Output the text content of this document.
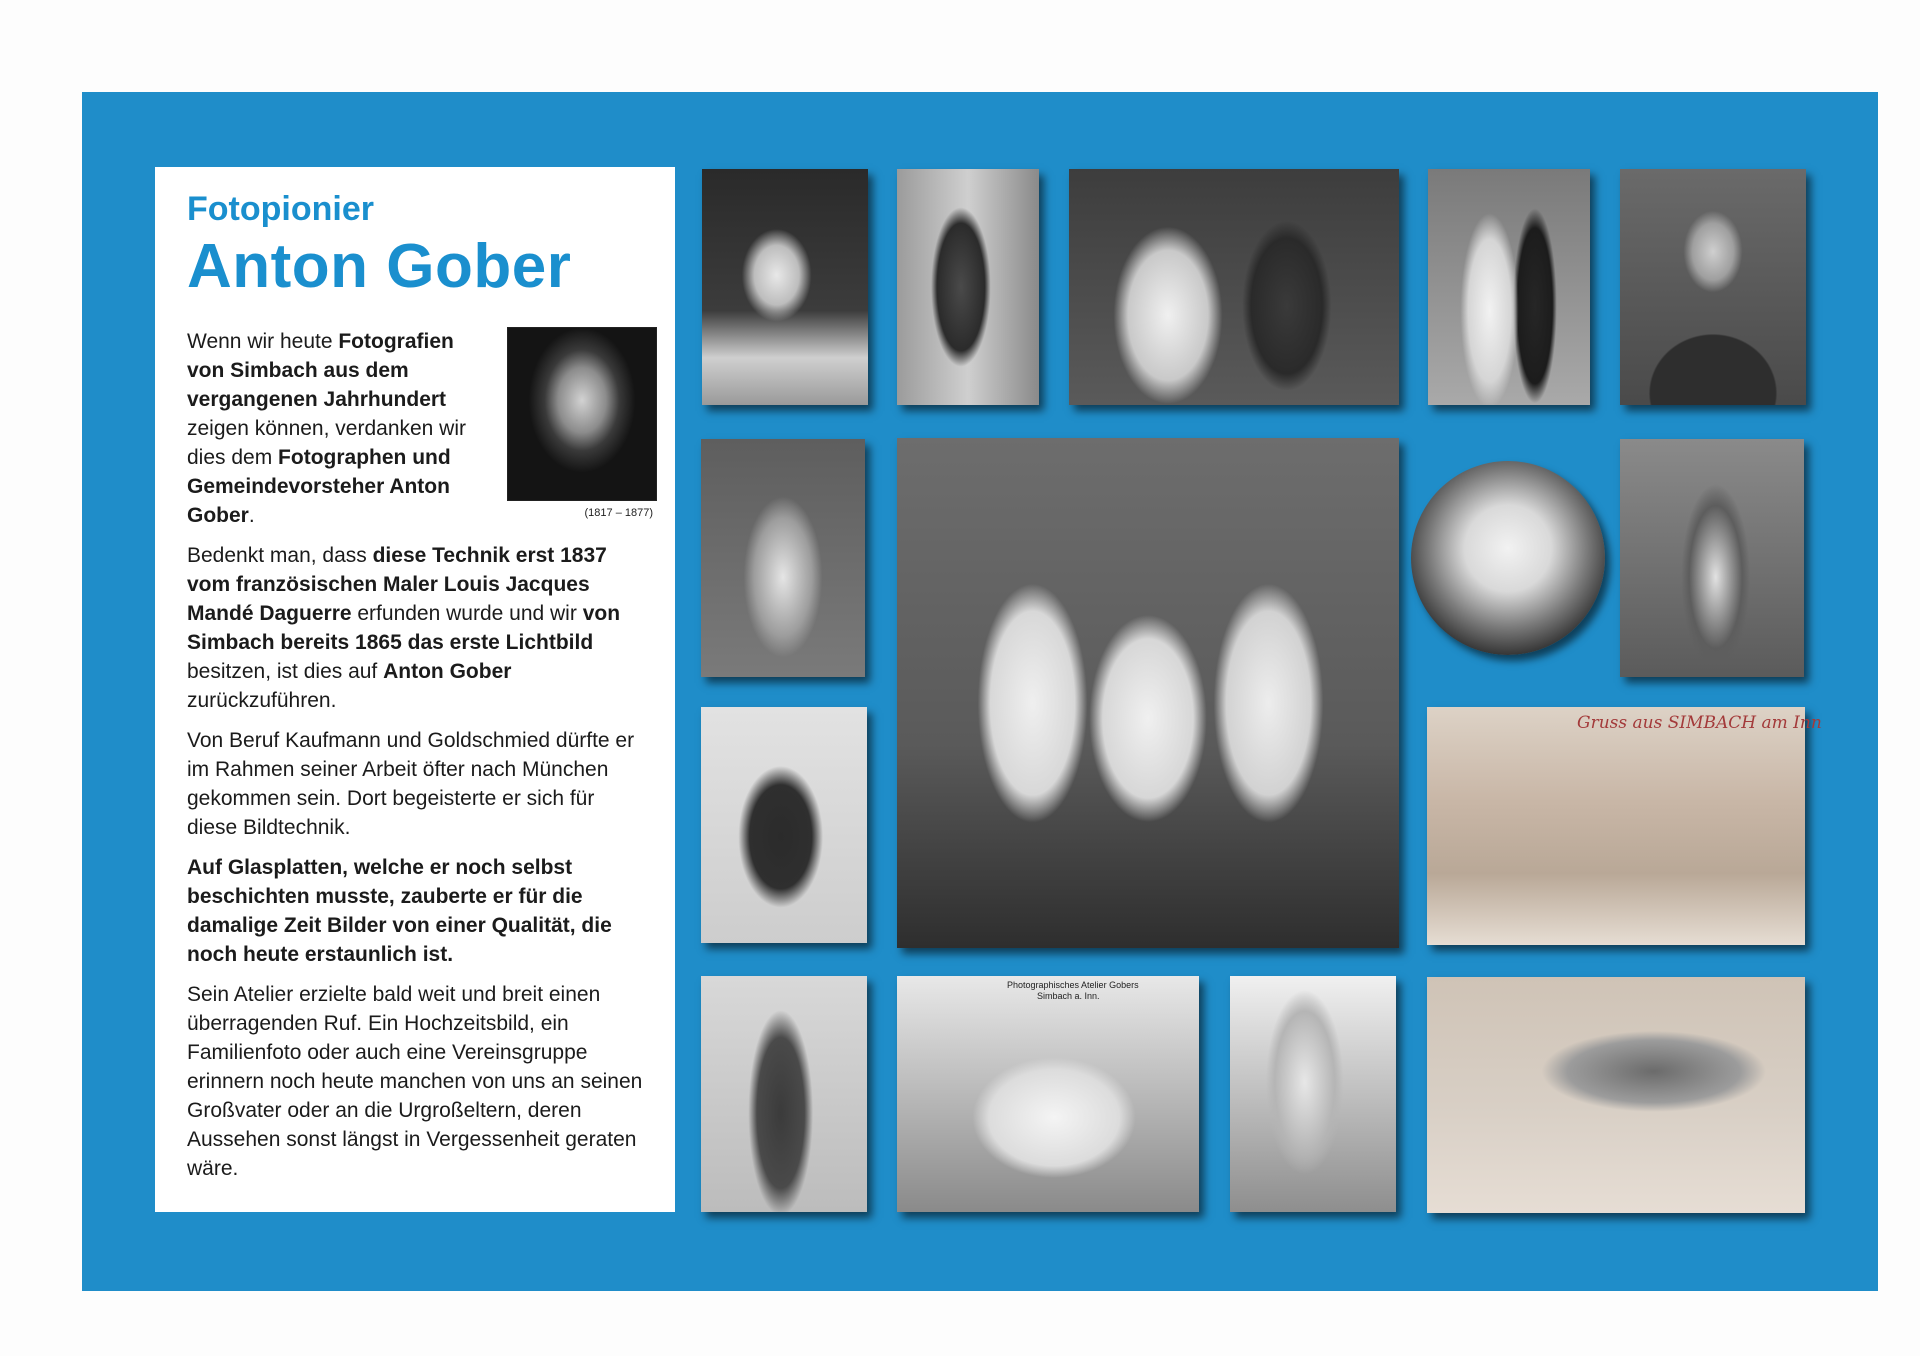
Fotopionier
Anton Gober
(1817 – 1877)

Wenn wir heute Fotografien von Simbach aus dem vergangenen Jahrhundert zeigen können, verdanken wir dies dem Fotographen und Gemeindevorsteher Anton Gober.

Bedenkt man, dass diese Technik erst 1837 vom französischen Maler Louis Jacques Mandé Daguerre erfunden wurde und wir von Simbach bereits 1865 das erste Lichtbild besitzen, ist dies auf Anton Gober zurückzuführen.

Von Beruf Kaufmann und Goldschmied dürfte er im Rahmen seiner Arbeit öfter nach München gekommen sein. Dort begeisterte er sich für diese Bildtechnik.

Auf Glasplatten, welche er noch selbst beschichten musste, zauberte er für die damalige Zeit Bilder von einer Qualität, die noch heute erstaunlich ist.

Sein Atelier erzielte bald weit und breit einen überragenden Ruf. Ein Hochzeitsbild, ein Familienfoto oder auch eine Vereinsgruppe erinnern noch heute manchen von uns an seinen Großvater oder an die Urgroßeltern, deren Aussehen sonst längst in Vergessenheit geraten wäre.

Gruss aus SIMBACH am Inn
Photographisches Atelier Gobers
Simbach a. Inn.
